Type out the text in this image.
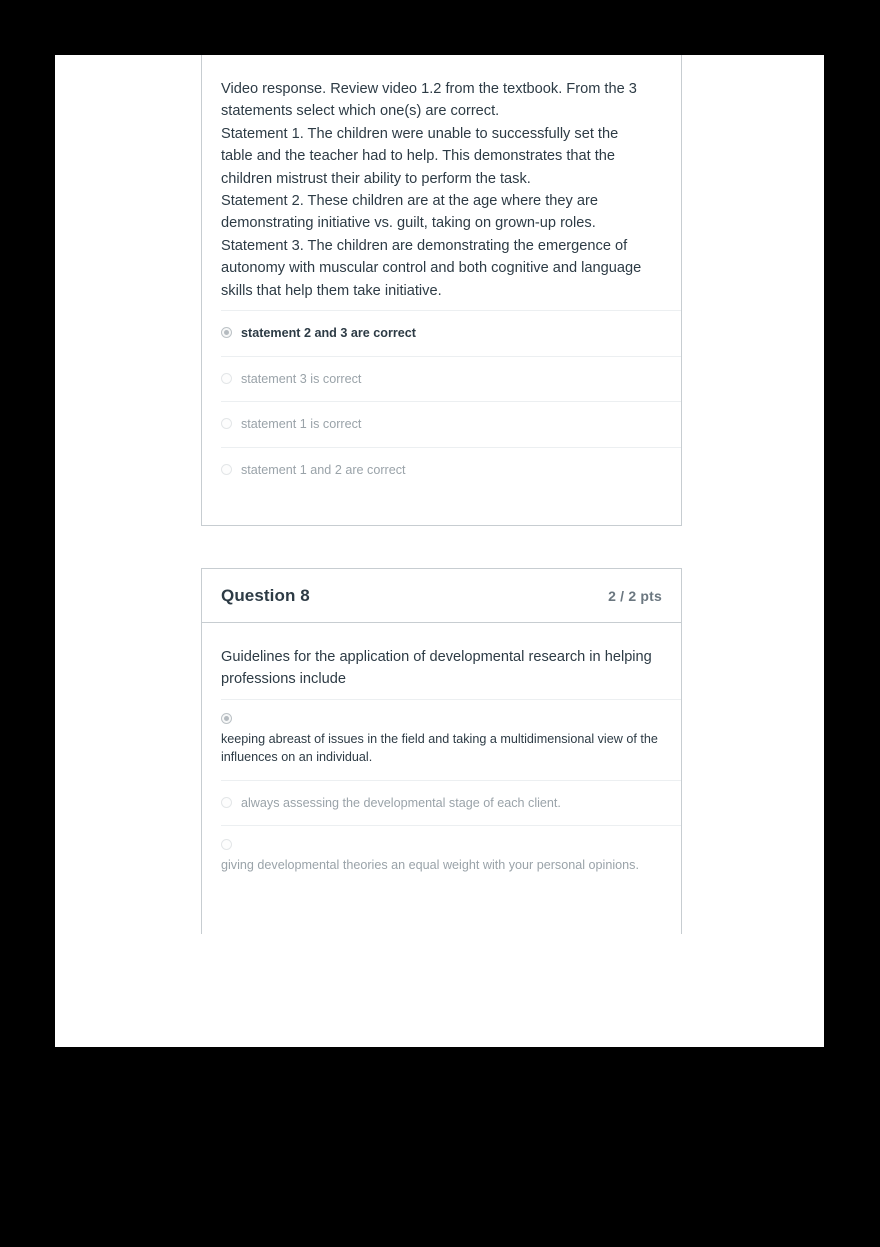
Video response. Review video 1.2 from the textbook. From the 3
statements select which one(s) are correct.
Statement 1. The children were unable to successfully set the
table and the teacher had to help. This demonstrates that the
children mistrust their ability to perform the task.
Statement 2. These children are at the age where they are
demonstrating initiative vs. guilt, taking on grown-up roles.
Statement 3. The children are demonstrating the emergence of
autonomy with muscular control and both cognitive and language
skills that help them take initiative.
statement 2 and 3 are correct
statement 3 is correct
statement 1 is correct
statement 1 and 2 are correct
Question 8	2 / 2 pts
Guidelines for the application of developmental research in helping
professions include
keeping abreast of issues in the field and taking a multidimensional view of the influences on an individual.
always assessing the developmental stage of each client.
giving developmental theories an equal weight with your personal opinions.
